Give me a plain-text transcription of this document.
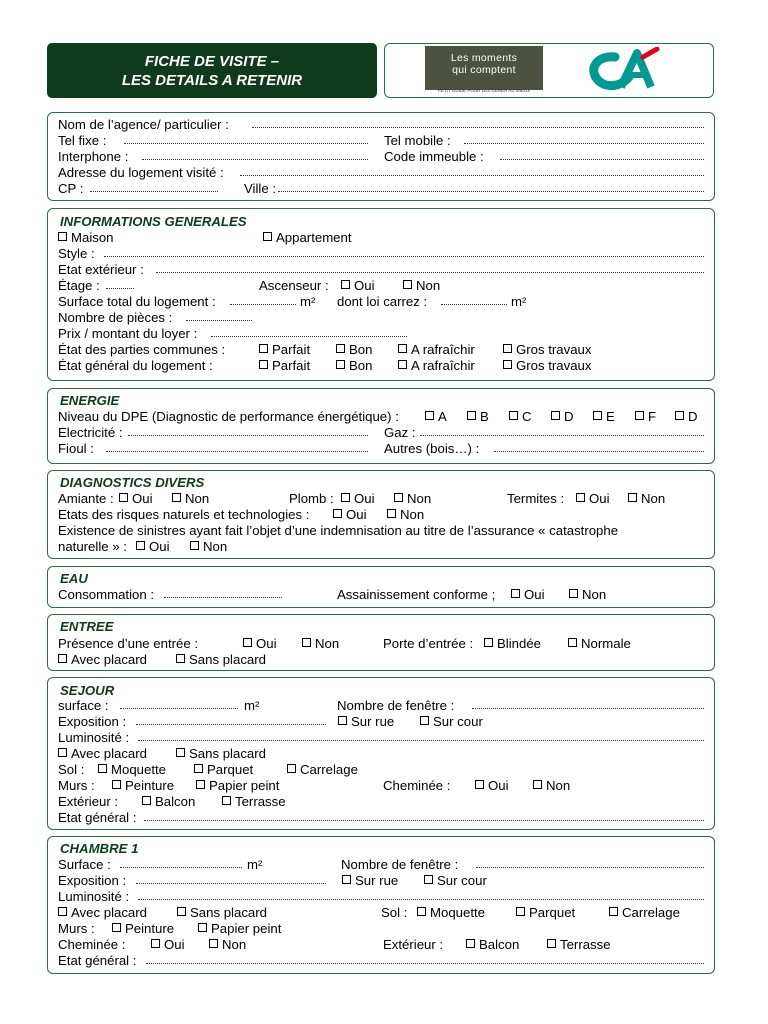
FICHE DE VISITE –
LES DETAILS A RETENIR
Les moments
qui comptent
PETIT GUIDE POUR LES GÉRER AU MIEUX
Nom de l’agence/ particulier :
Tel fixe :	Tel mobile :
Interphone :	Code immeuble :
Adresse du logement visité :
CP :	Ville :
INFORMATIONS GENERALES
Maison	Appartement
Style :
Etat extérieur :
Étage :	Ascenseur :	Oui	Non
Surface total du logement :	m² dont loi carrez :	m²
Nombre de pièces :
Prix / montant du loyer :
État des parties communes :	Parfait	Bon	A rafraîchir	Gros travaux
État général du logement :	Parfait	Bon	A rafraîchir	Gros travaux
ENERGIE
Niveau du DPE (Diagnostic de performance énergétique) :	A	B	C	D	E	F	D
Electricité :	Gaz :
Fioul :	Autres (bois…) :
DIAGNOSTICS DIVERS
Amiante :	Oui	Non	Plomb :	Oui	Non	Termites :	Oui	Non
Etats des risques naturels et technologies :	Oui	Non
Existence de sinistres ayant fait l’objet d’une indemnisation au titre de l’assurance « catastrophe
naturelle » :	Oui	Non
EAU
Consommation :	Assainissement conforme ;	Oui	Non
ENTREE
Présence d’une entrée :	Oui	Non	Porte d’entrée :	Blindée	Normale
Avec placard	Sans placard
SEJOUR
surface :	m²	Nombre de fenêtre :
Exposition :	Sur rue	Sur cour
Luminosité :
Avec placard	Sans placard
Sol :	Moquette	Parquet	Carrelage
Murs :	Peinture	Papier peint	Cheminée :	Oui	Non
Extérieur :	Balcon	Terrasse
Etat général :
CHAMBRE 1
Surface :	m²	Nombre de fenêtre :
Exposition :	Sur rue	Sur cour
Luminosité :
Avec placard	Sans placard	Sol :	Moquette	Parquet	Carrelage
Murs :	Peinture	Papier peint
Cheminée :	Oui	Non	Extérieur :	Balcon	Terrasse
Etat général :
